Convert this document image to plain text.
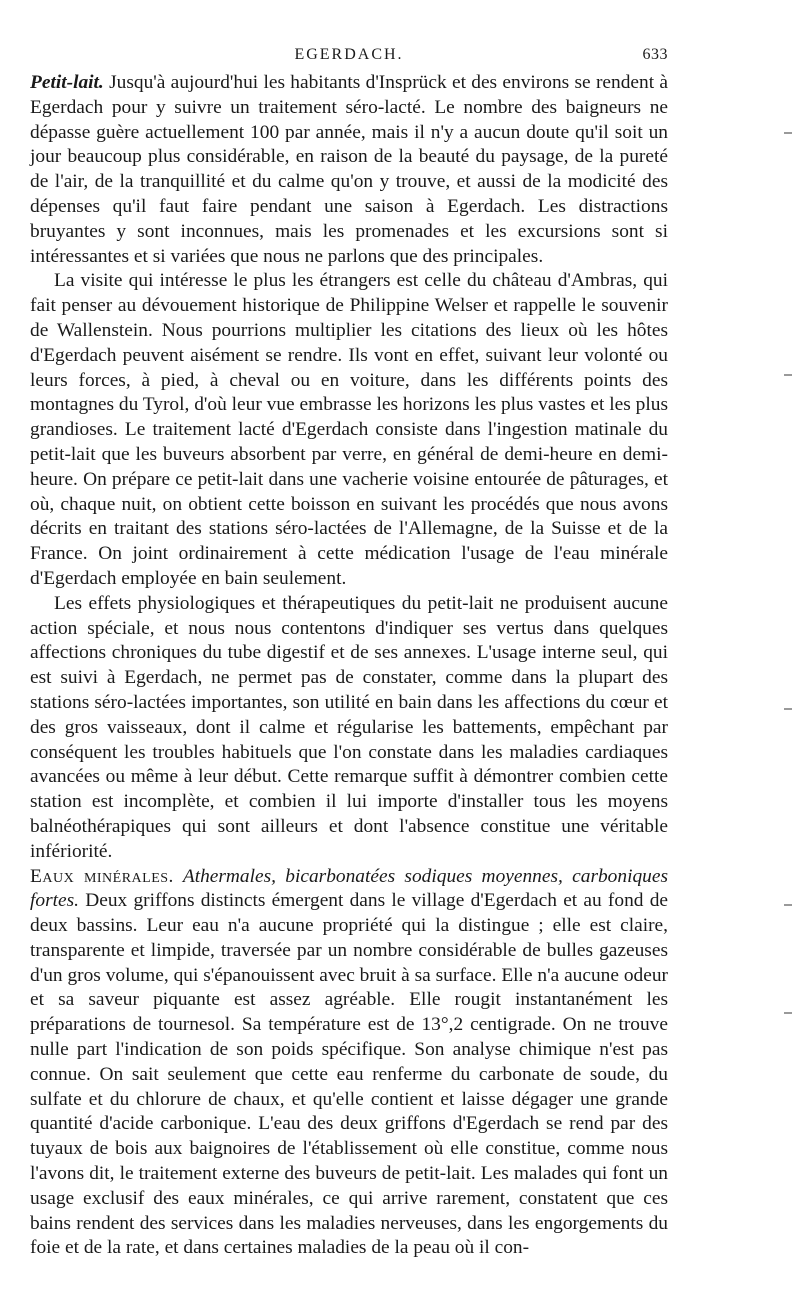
EGERDACH.	633

Petit-lait. Jusqu'à aujourd'hui les habitants d'Insprück et des environs se rendent à Egerdach pour y suivre un traitement séro-lacté. Le nombre des baigneurs ne dépasse guère actuellement 100 par année, mais il n'y a aucun doute qu'il soit un jour beaucoup plus considérable, en raison de la beauté du paysage, de la pureté de l'air, de la tranquillité et du calme qu'on y trouve, et aussi de la modicité des dépenses qu'il faut faire pendant une saison à Egerdach. Les distractions bruyantes y sont inconnues, mais les promenades et les excursions sont si intéressantes et si variées que nous ne parlons que des principales.

La visite qui intéresse le plus les étrangers est celle du château d'Ambras, qui fait penser au dévouement historique de Philippine Welser et rappelle le souvenir de Wallenstein. Nous pourrions multiplier les citations des lieux où les hôtes d'Egerdach peuvent aisément se rendre. Ils vont en effet, suivant leur volonté ou leurs forces, à pied, à cheval ou en voiture, dans les différents points des montagnes du Tyrol, d'où leur vue embrasse les horizons les plus vastes et les plus grandioses. Le traitement lacté d'Egerdach consiste dans l'ingestion matinale du petit-lait que les buveurs absorbent par verre, en général de demi-heure en demi-heure. On prépare ce petit-lait dans une vacherie voisine entourée de pâturages, et où, chaque nuit, on obtient cette boisson en suivant les procédés que nous avons décrits en traitant des stations séro-lactées de l'Allemagne, de la Suisse et de la France. On joint ordinairement à cette médication l'usage de l'eau minérale d'Egerdach employée en bain seulement.

Les effets physiologiques et thérapeutiques du petit-lait ne produisent aucune action spéciale, et nous nous contentons d'indiquer ses vertus dans quelques affections chroniques du tube digestif et de ses annexes. L'usage interne seul, qui est suivi à Egerdach, ne permet pas de constater, comme dans la plupart des stations séro-lactées importantes, son utilité en bain dans les affections du cœur et des gros vaisseaux, dont il calme et régularise les battements, empêchant par conséquent les troubles habituels que l'on constate dans les maladies cardiaques avancées ou même à leur début. Cette remarque suffit à démontrer combien cette station est incomplète, et combien il lui importe d'installer tous les moyens balnéothérapiques qui sont ailleurs et dont l'absence constitue une véritable infériorité.

Eaux minérales. Athermales, bicarbonatées sodiques moyennes, carboniques fortes. Deux griffons distincts émergent dans le village d'Egerdach et au fond de deux bassins. Leur eau n'a aucune propriété qui la distingue ; elle est claire, transparente et limpide, traversée par un nombre considérable de bulles gazeuses d'un gros volume, qui s'épanouissent avec bruit à sa surface. Elle n'a aucune odeur et sa saveur piquante est assez agréable. Elle rougit instantanément les préparations de tournesol. Sa température est de 13°,2 centigrade. On ne trouve nulle part l'indication de son poids spécifique. Son analyse chimique n'est pas connue. On sait seulement que cette eau renferme du carbonate de soude, du sulfate et du chlorure de chaux, et qu'elle contient et laisse dégager une grande quantité d'acide carbonique. L'eau des deux griffons d'Egerdach se rend par des tuyaux de bois aux baignoires de l'établissement où elle constitue, comme nous l'avons dit, le traitement externe des buveurs de petit-lait. Les malades qui font un usage exclusif des eaux minérales, ce qui arrive rarement, constatent que ces bains rendent des services dans les maladies nerveuses, dans les engorgements du foie et de la rate, et dans certaines maladies de la peau où il con-
